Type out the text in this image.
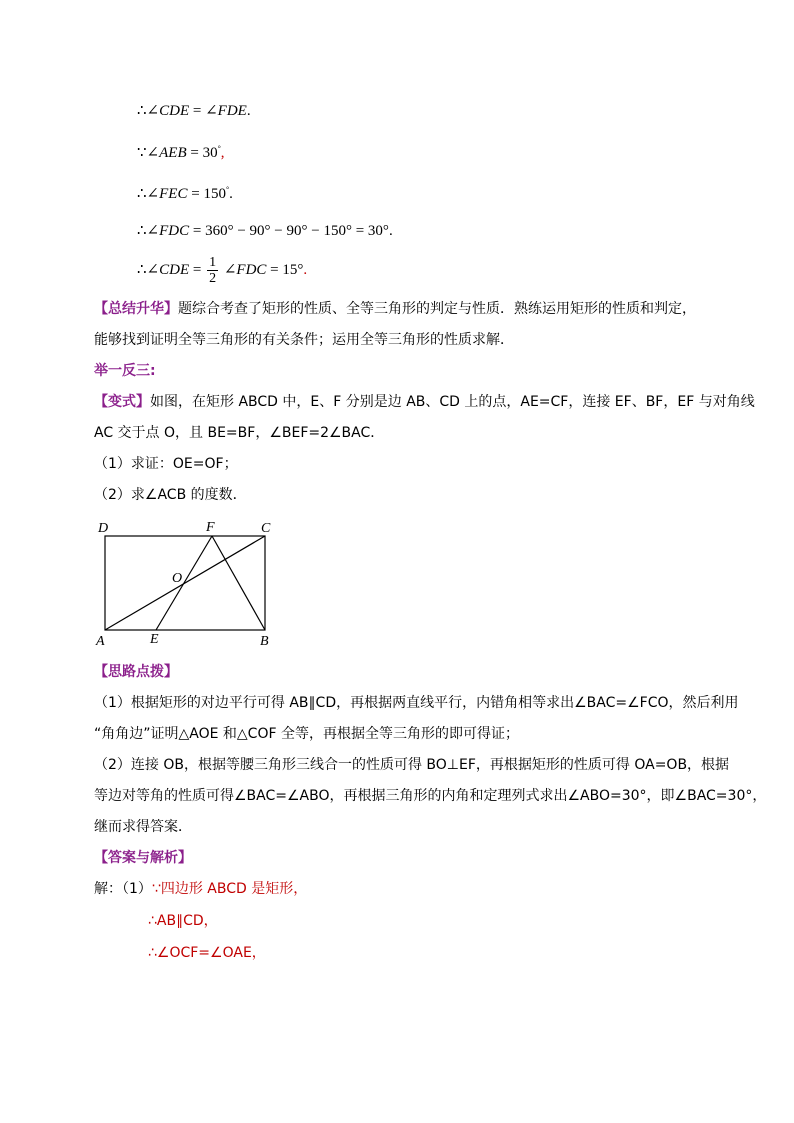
∴∠CDE = ∠FDE.
∵∠AEB = 30°,
∴∠FEC = 150°.
∴∠FDC = 360° − 90° − 90° − 150° = 30°.
∴∠CDE = $\frac{1}{2}$ ∠FDC = 15°.
【总结升华】题综合考查了矩形的性质、全等三角形的判定与性质．熟练运用矩形的性质和判定，
能够找到证明全等三角形的有关条件；运用全等三角形的性质求解．
举一反三:
【变式】如图，在矩形 ABCD 中，E、F 分别是边 AB、CD 上的点，AE=CF，连接 EF、BF，EF 与对角线
AC 交于点 O，且 BE=BF，∠BEF=2∠BAC．
（1）求证：OE=OF；
（2）求∠ACB 的度数．
D	F	C
O
A	E	B
【思路点拨】
（1）根据矩形的对边平行可得 AB∥CD，再根据两直线平行，内错角相等求出∠BAC=∠FCO，然后利用
“角角边”证明△AOE 和△COF 全等，再根据全等三角形的即可得证；
（2）连接 OB，根据等腰三角形三线合一的性质可得 BO⊥EF，再根据矩形的性质可得 OA=OB，根据
等边对等角的性质可得∠BAC=∠ABO，再根据三角形的内角和定理列式求出∠ABO=30°，即∠BAC=30°，
继而求得答案．
【答案与解析】
解：（1）∵四边形 ABCD 是矩形，
∴AB∥CD，
∴∠OCF=∠OAE，
